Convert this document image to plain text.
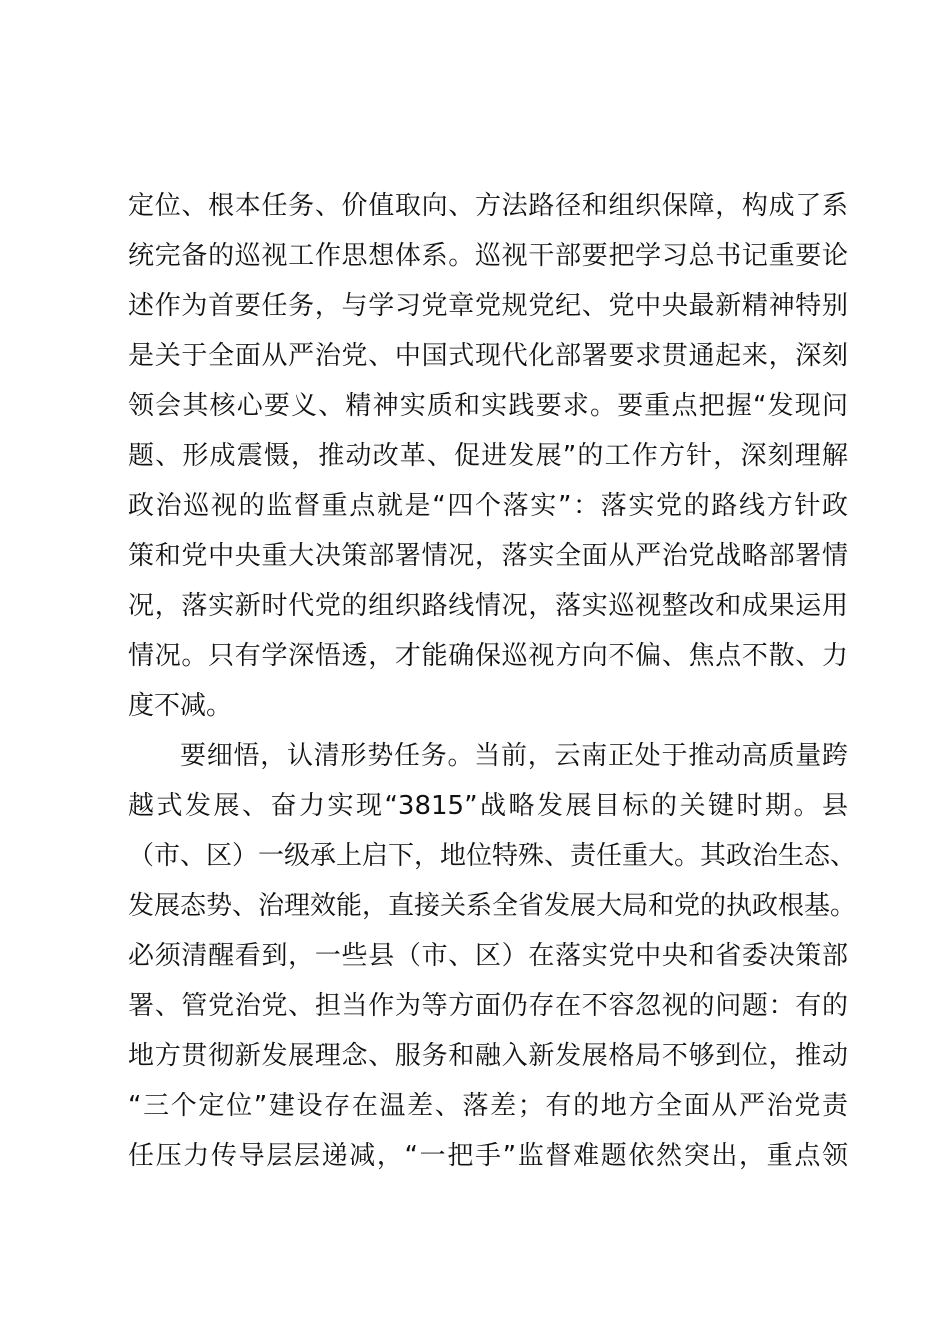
定位、根本任务、价值取向、方法路径和组织保障，构成了系
统完备的巡视工作思想体系。巡视干部要把学习总书记重要论
述作为首要任务，与学习党章党规党纪、党中央最新精神特别
是关于全面从严治党、中国式现代化部署要求贯通起来，深刻
领会其核心要义、精神实质和实践要求。要重点把握“发现问
题、形成震慑，推动改革、促进发展”的工作方针，深刻理解
政治巡视的监督重点就是“四个落实”：落实党的路线方针政
策和党中央重大决策部署情况，落实全面从严治党战略部署情
况，落实新时代党的组织路线情况，落实巡视整改和成果运用
情况。只有学深悟透，才能确保巡视方向不偏、焦点不散、力
度不减。
要细悟，认清形势任务。当前，云南正处于推动高质量跨
越式发展、奋力实现“3815”战略发展目标的关键时期。县
（市、区）一级承上启下，地位特殊、责任重大。其政治生态、
发展态势、治理效能，直接关系全省发展大局和党的执政根基。
必须清醒看到，一些县（市、区）在落实党中央和省委决策部
署、管党治党、担当作为等方面仍存在不容忽视的问题：有的
地方贯彻新发展理念、服务和融入新发展格局不够到位，推动
“三个定位”建设存在温差、落差；有的地方全面从严治党责
任压力传导层层递减，“一把手”监督难题依然突出，重点领
